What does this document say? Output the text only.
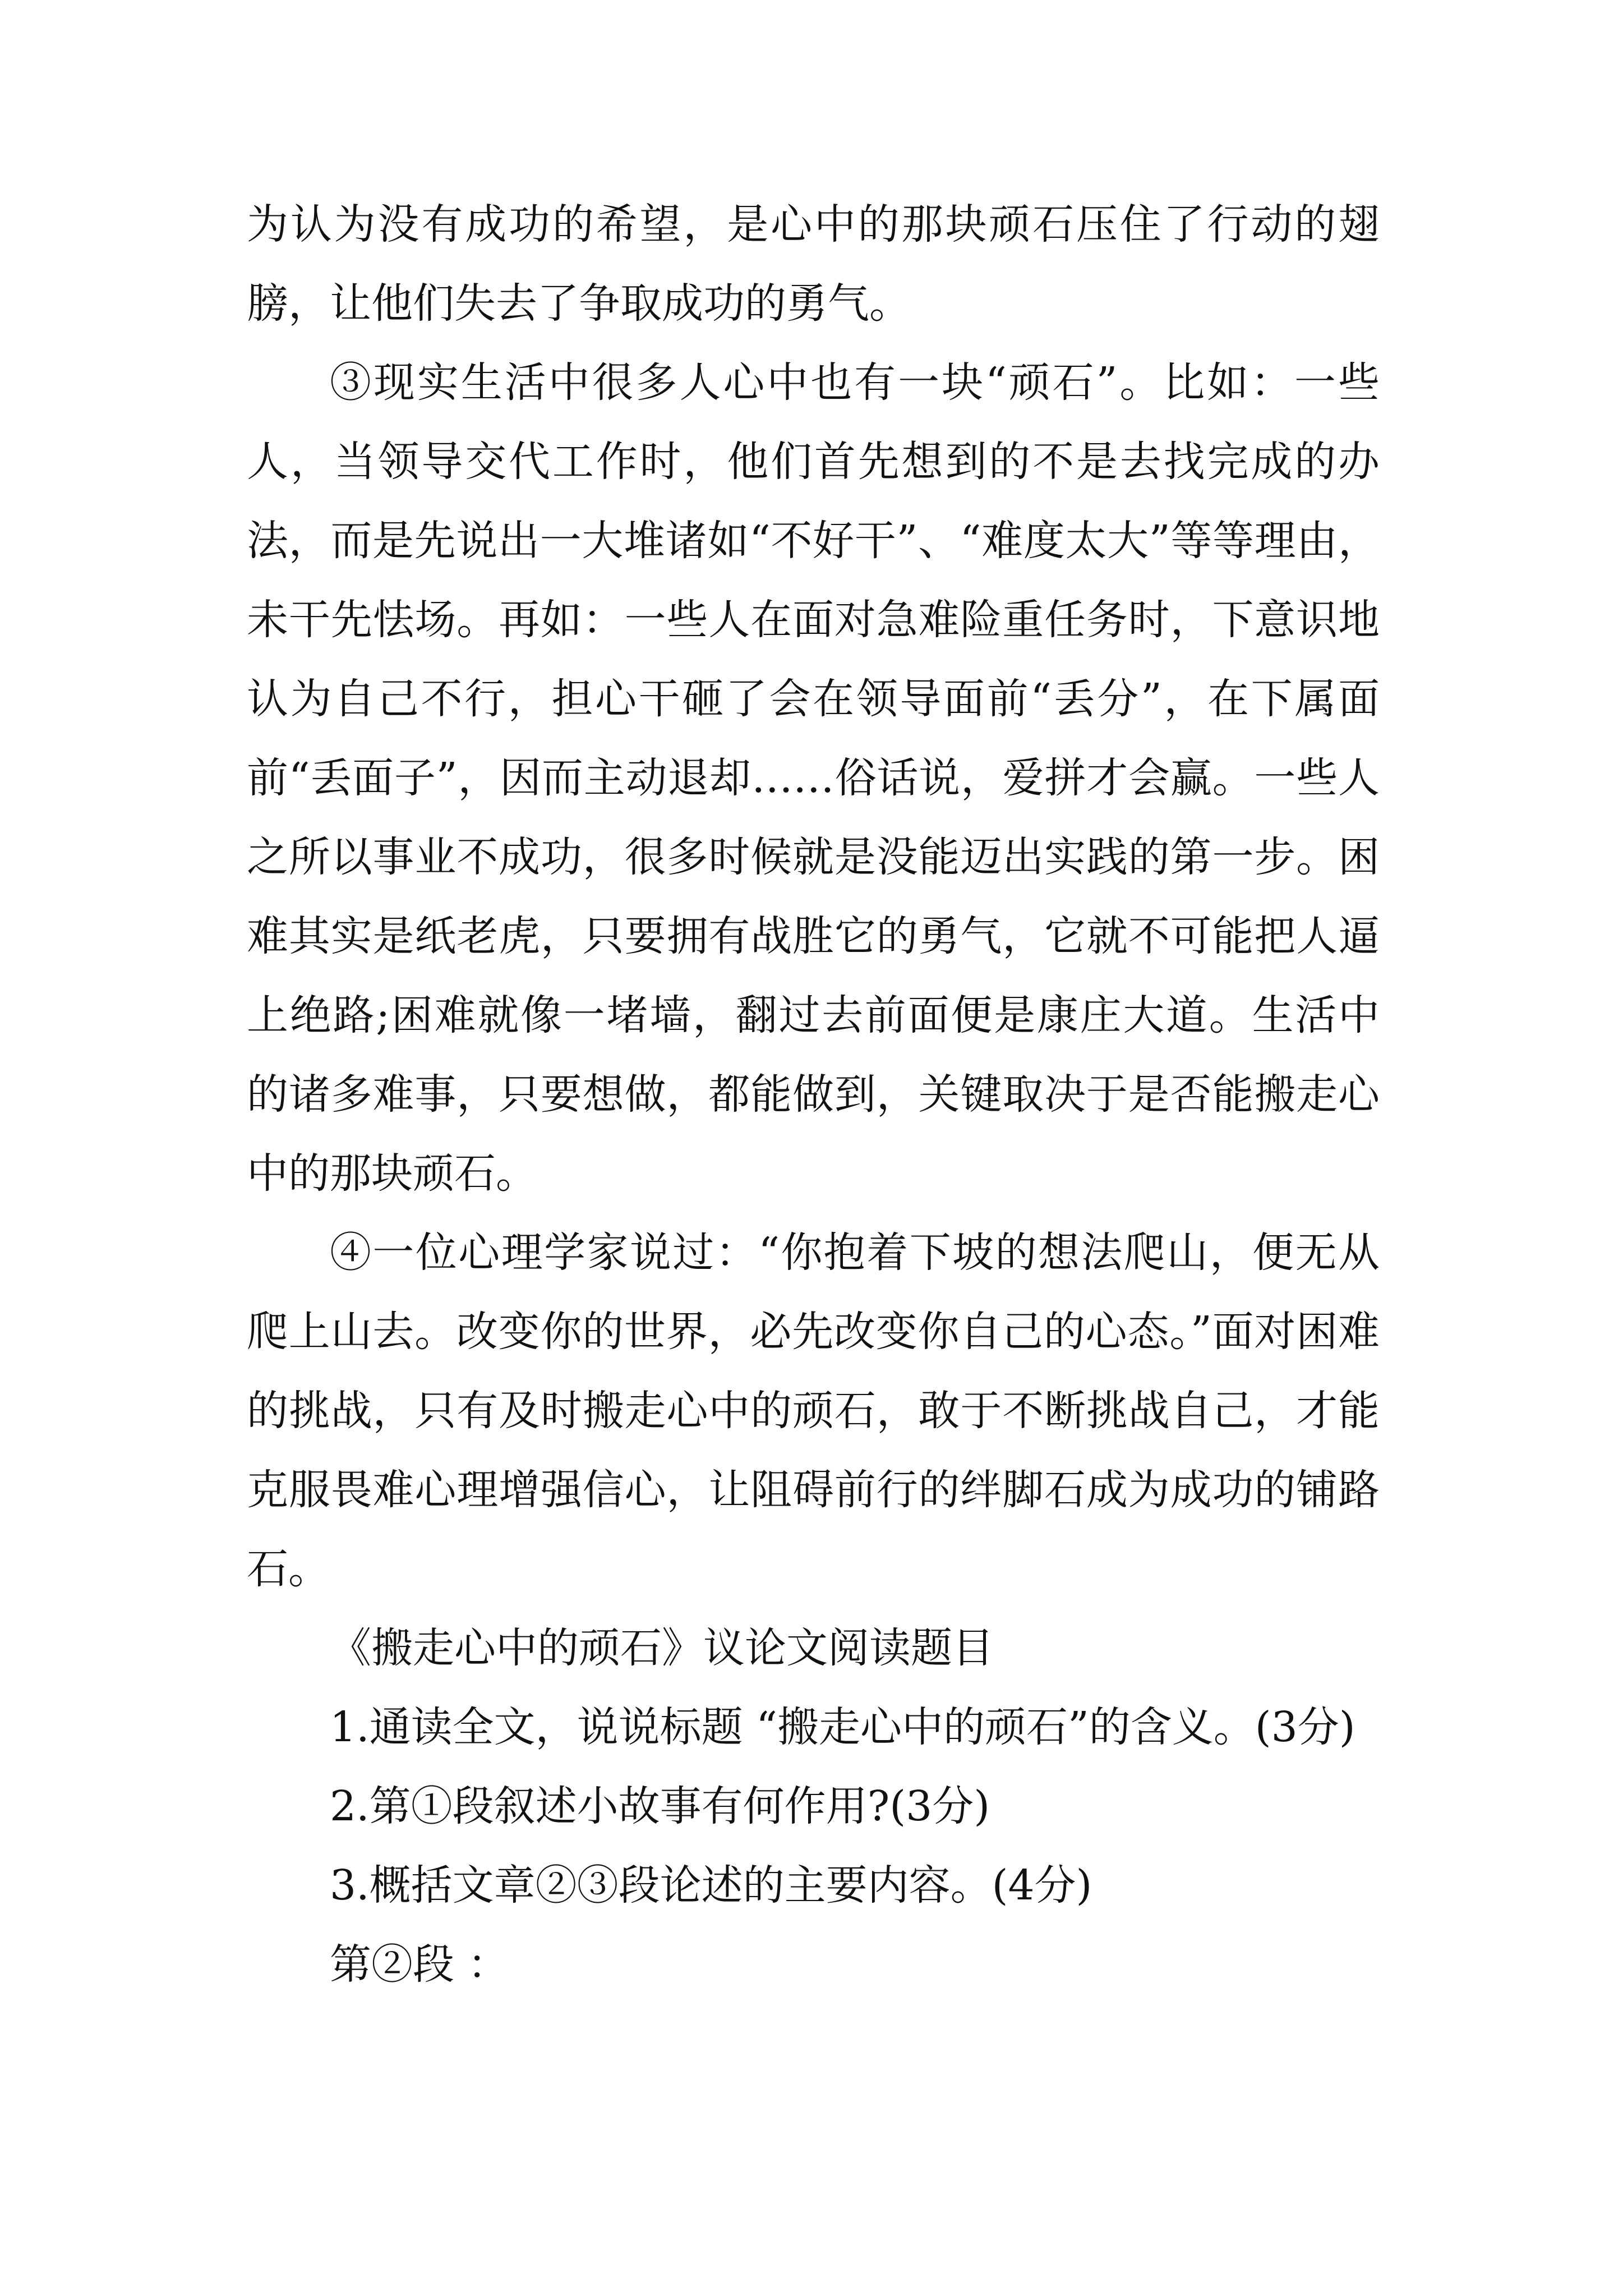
为认为没有成功的希望，是心中的那块顽石压住了行动的翅膀，让他们失去了争取成功的勇气。

③现实生活中很多人心中也有一块“顽石”。比如：一些人，当领导交代工作时，他们首先想到的不是去找完成的办法，而是先说出一大堆诸如“不好干”、“难度太大”等等理由，未干先怯场。再如：一些人在面对急难险重任务时，下意识地认为自己不行，担心干砸了会在领导面前“丢分”，在下属面前“丢面子”，因而主动退却……俗话说，爱拼才会赢。一些人之所以事业不成功，很多时候就是没能迈出实践的第一步。困难其实是纸老虎，只要拥有战胜它的勇气，它就不可能把人逼上绝路;困难就像一堵墙，翻过去前面便是康庄大道。生活中的诸多难事，只要想做，都能做到，关键取决于是否能搬走心中的那块顽石。

④一位心理学家说过：“你抱着下坡的想法爬山，便无从爬上山去。改变你的世界，必先改变你自己的心态。”面对困难的挑战，只有及时搬走心中的顽石，敢于不断挑战自己，才能克服畏难心理增强信心，让阻碍前行的绊脚石成为成功的铺路石。

《搬走心中的顽石》议论文阅读题目

1.通读全文，说说标题 “搬走心中的顽石”的含义。(3分)

2.第①段叙述小故事有何作用?(3分)

3.概括文章②③段论述的主要内容。(4分)

第②段 ：
